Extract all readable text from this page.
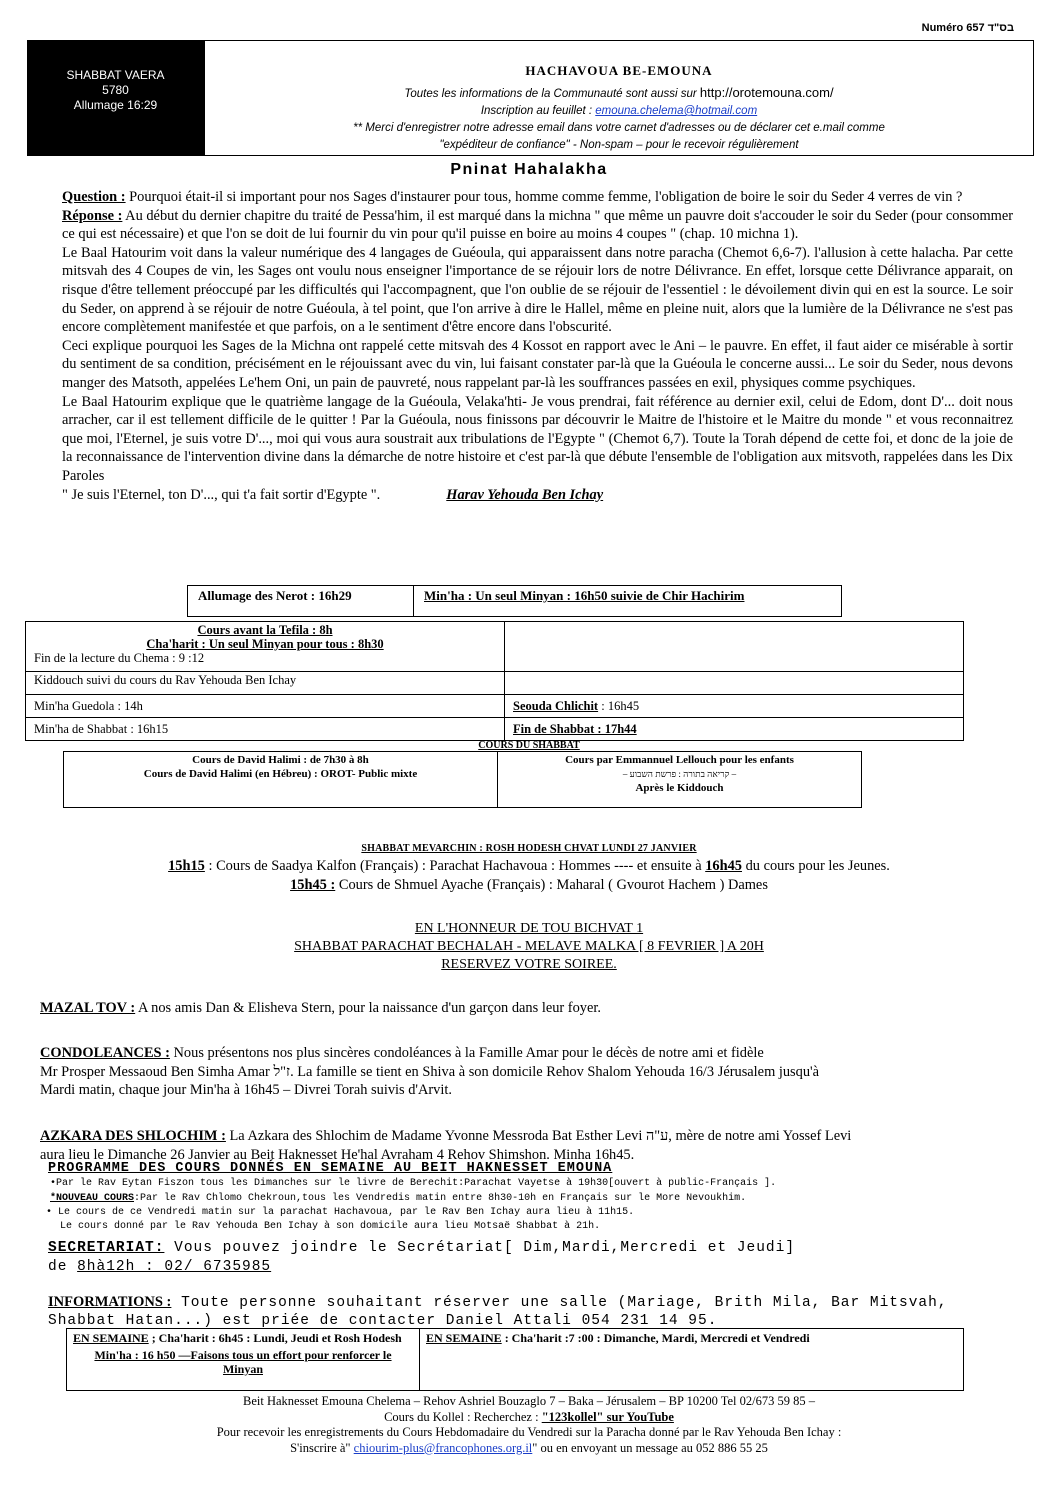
Numéro 657 בס"ד
SHABBAT VAERA
5780
Allumage 16:29
HACHAVOUA BE-EMOUNA
Toutes les informations de la Communauté sont aussi sur http://orotemouna.com/
Inscription au feuillet : emouna.chelema@hotmail.com
** Merci d'enregistrer notre adresse email dans votre carnet d'adresses ou de déclarer cet e.mail comme
"expéditeur de confiance" - Non-spam – pour le recevoir régulièrement
Pninat Hahalakha

Question : Pourquoi était-il si important pour nos Sages d'instaurer pour tous, homme comme femme, l'obligation de boire le soir du Seder 4 verres de vin ?

Réponse : Au début du dernier chapitre du traité de Pessa'him, il est marqué dans la michna " que même un pauvre doit s'accouder le soir du Seder (pour consommer ce qui est nécessaire) et que l'on se doit de lui fournir du vin pour qu'il puisse en boire au moins 4 coupes " (chap. 10 michna 1).

Le Baal Hatourim voit dans la valeur numérique des 4 langages de Guéoula, qui apparaissent dans notre paracha (Chemot 6,6-7). l'allusion à cette halacha. Par cette mitsvah des 4 Coupes de vin, les Sages ont voulu nous enseigner l'importance de se réjouir lors de notre Délivrance. En effet, lorsque cette Délivrance apparait, on risque d'être tellement préoccupé par les difficultés qui l'accompagnent, que l'on oublie de se réjouir de l'essentiel : le dévoilement divin qui en est la source. Le soir du Seder, on apprend à se réjouir de notre Guéoula, à tel point, que l'on arrive à dire le Hallel, même en pleine nuit, alors que la lumière de la Délivrance ne s'est pas encore complètement manifestée et que parfois, on a le sentiment d'être encore dans l'obscurité.

Ceci explique pourquoi les Sages de la Michna ont rappelé cette mitsvah des 4 Kossot en rapport avec le Ani – le pauvre. En effet, il faut aider ce misérable à sortir du sentiment de sa condition, précisément en le réjouissant avec du vin, lui faisant constater par-là que la Guéoula le concerne aussi... Le soir du Seder, nous devons manger des Matsoth, appelées Le'hem Oni, un pain de pauvreté, nous rappelant par-là les souffrances passées en exil, physiques comme psychiques.

Le Baal Hatourim explique que le quatrième langage de la Guéoula, Velaka'hti- Je vous prendrai, fait référence au dernier exil, celui de Edom, dont D'... doit nous arracher, car il est tellement difficile de le quitter ! Par la Guéoula, nous finissons par découvrir le Maitre de l'histoire et le Maitre du monde " et vous reconnaitrez que moi, l'Eternel, je suis votre D'..., moi qui vous aura soustrait aux tribulations de l'Egypte " (Chemot 6,7). Toute la Torah dépend de cette foi, et donc de la joie de la reconnaissance de l'intervention divine dans la démarche de notre histoire et c'est par-là que débute l'ensemble de l'obligation aux mitsvoth, rappelées dans les Dix Paroles

" Je suis l'Eternel, ton D'..., qui t'a fait sortir d'Egypte ".	Harav Yehouda Ben Ichay

Allumage des Nerot : 16h29	Min'ha : Un seul Minyan : 16h50 suivie de Chir Hachirim
Cours avant la Tefila : 8h
Cha'harit : Un seul Minyan pour tous : 8h30
Fin de la lecture du Chema : 9 :12	

Kiddouch suivi du cours du Rav Yehouda Ben Ichay	
Min'ha Guedola : 14h	Seouda Chlichit : 16h45
Min'ha de Shabbat : 16h15	Fin de Shabbat : 17h44
COURS DU SHABBAT
Cours de David Halimi : de 7h30 à 8h
Cours de David Halimi (en Hébreu) : OROT- Public mixte

Cours par Emmannuel Lellouch pour les enfants
– קריאה בתורה : פרשת השבוע –
Après le Kiddouch
SHABBAT MEVARCHIN : ROSH HODESH CHVAT LUNDI 27 JANVIER
15h15 : Cours de Saadya Kalfon (Français) : Parachat Hachavoua : Hommes ---- et ensuite à 16h45 du cours pour les Jeunes.
15h45 : Cours de Shmuel Ayache (Français) : Maharal ( Gvourot Hachem ) Dames
EN L'HONNEUR DE TOU BICHVAT 1
SHABBAT PARACHAT BECHALAH - MELAVE MALKA [ 8 FEVRIER ] A 20H
RESERVEZ VOTRE SOIREE.
MAZAL TOV : A nos amis Dan & Elisheva Stern, pour la naissance d'un garçon dans leur foyer.
CONDOLEANCES : Nous présentons nos plus sincères condoléances à la Famille Amar pour le décès de notre ami et fidèle
Mr Prosper Messaoud Ben Simha Amar ז"ל. La famille se tient en Shiva à son domicile Rehov Shalom Yehouda 16/3 Jérusalem jusqu'à
Mardi matin, chaque jour Min'ha à 16h45 – Divrei Torah suivis d'Arvit.
AZKARA DES SHLOCHIM : La Azkara des Shlochim de Madame Yvonne Messroda Bat Esther Levi ע"ה, mère de notre ami Yossef Levi
aura lieu le Dimanche 26 Janvier au Beit Haknesset He'hal Avraham 4 Rehov Shimshon. Minha 16h45.
PROGRAMME DES COURS DONNÉS EN SEMAINE AU BEIT HAKNESSET EMOUNA
•Par le Rav Eytan Fiszon tous les Dimanches sur le livre de Berechit:Parachat Vayetse à 19h30[ouvert à public-Français ].
*NOUVEAU COURS:Par le Rav Chlomo Chekroun,tous les Vendredis matin entre 8h30-10h en Français sur le More Nevoukhim.
• Le cours de ce Vendredi matin sur la parachat Hachavoua, par le Rav Ben Ichay aura lieu à 11h15.
Le cours donné par le Rav Yehouda Ben Ichay à son domicile aura lieu Motsaë Shabbat à 21h.
SECRETARIAT: Vous pouvez joindre le Secrétariat[ Dim,Mardi,Mercredi et Jeudi]
de 8hà12h : 02/ 6735985
INFORMATIONS : Toute personne souhaitant réserver une salle (Mariage, Brith Mila, Bar Mitsvah, Shabbat Hatan...) est priée de contacter Daniel Attali 054 231 14 95.
EN SEMAINE ; Cha'harit : 6h45 : Lundi, Jeudi et Rosh Hodesh
Min'ha : 16 h50 —Faisons tous un effort pour renforcer le Minyan
	EN SEMAINE : Cha'harit :7 :00 : Dimanche, Mardi, Mercredi et Vendredi
Beit Haknesset Emouna Chelema – Rehov Ashriel Bouzaglo 7 – Baka – Jérusalem – BP 10200 Tel 02/673 59 85 –
Cours du Kollel : Recherchez : "123kollel" sur YouTube
Pour recevoir les enregistrements du Cours Hebdomadaire du Vendredi sur la Paracha donné par le Rav Yehouda Ben Ichay :
S'inscrire à" chiourim-plus@francophones.org.il" ou en envoyant un message au 052 886 55 25
